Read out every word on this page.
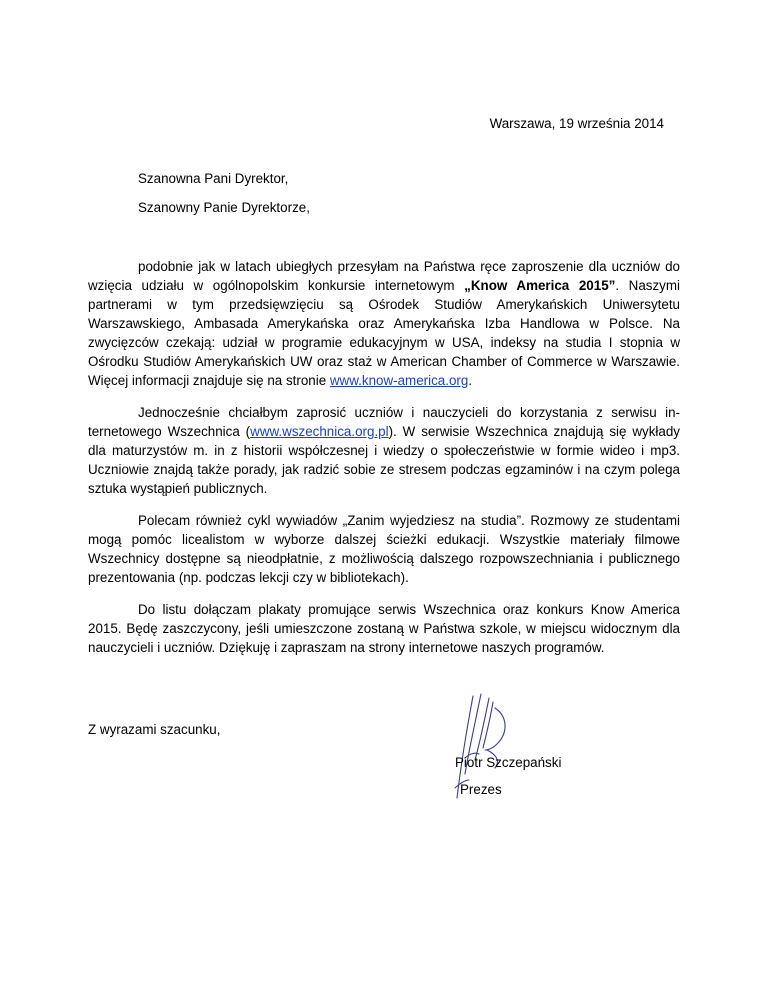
Warszawa, 19 września 2014
Szanowna Pani Dyrektor,
Szanowny Panie Dyrektorze,

podobnie jak w latach ubiegłych przesyłam na Państwa ręce zaproszenie dla uczniów do wzięcia udziału w ogólnopolskim konkursie internetowym „Know America 2015”. Naszymi partnerami w tym przedsięwzięciu są Ośrodek Studiów Amerykańskich Uniwersytetu Warszawskiego, Ambasada Amerykańska oraz Amerykańska Izba Handlowa w Polsce. Na zwycięzców czekają: udział w programie edukacyjnym w USA, indeksy na studia I stopnia w Ośrodku Studiów Amerykańskich UW oraz staż w American Chamber of Commerce w Warszawie. Więcej informacji znajduje się na stronie www.know-america.org.

Jednocześnie chciałbym zaprosić uczniów i nauczycieli do korzystania z serwisu internetowego Wszechnica (www.wszechnica.org.pl). W serwisie Wszechnica znajdują się wykłady dla maturzystów m. in z historii współczesnej i wiedzy o społeczeństwie w formie wideo i mp3. Uczniowie znajdą także porady, jak radzić sobie ze stresem podczas egzaminów i na czym polega sztuka wystąpień publicznych.

Polecam również cykl wywiadów „Zanim wyjedziesz na studia”. Rozmowy ze studentami mogą pomóc licealistom w wyborze dalszej ścieżki edukacji. Wszystkie materiały filmowe Wszechnicy dostępne są nieodpłatnie, z możliwością dalszego rozpowszechniania i publicznego prezentowania (np. podczas lekcji czy w bibliotekach).

Do listu dołączam plakaty promujące serwis Wszechnica oraz konkurs Know America 2015. Będę zaszczycony, jeśli umieszczone zostaną w Państwa szkole, w miejscu widocznym dla nauczycieli i uczniów. Dziękuję i zapraszam na strony internetowe naszych programów.

Z wyrazami szacunku,
Piotr Szczepański
Prezes
